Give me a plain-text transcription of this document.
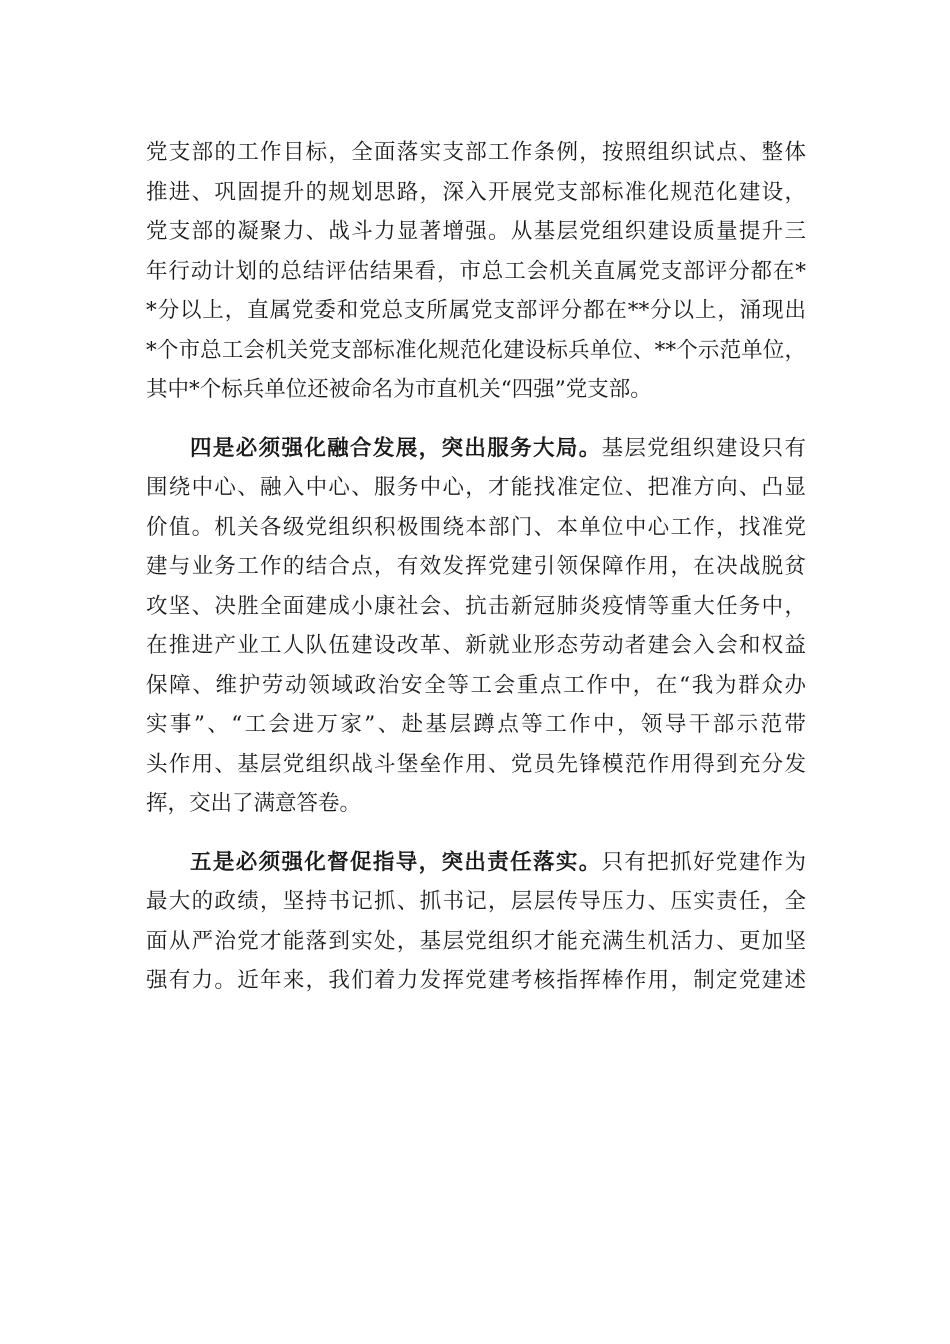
党支部的工作目标，全面落实支部工作条例，按照组织试点、整体
推进、巩固提升的规划思路，深入开展党支部标准化规范化建设，
党支部的凝聚力、战斗力显著增强。从基层党组织建设质量提升三
年行动计划的总结评估结果看，市总工会机关直属党支部评分都在*
*分以上，直属党委和党总支所属党支部评分都在**分以上，涌现出
*个市总工会机关党支部标准化规范化建设标兵单位、**个示范单位，
其中*个标兵单位还被命名为市直机关“四强”党支部。
四是必须强化融合发展，突出服务大局。基层党组织建设只有
围绕中心、融入中心、服务中心，才能找准定位、把准方向、凸显
价值。机关各级党组织积极围绕本部门、本单位中心工作，找准党
建与业务工作的结合点，有效发挥党建引领保障作用，在决战脱贫
攻坚、决胜全面建成小康社会、抗击新冠肺炎疫情等重大任务中，
在推进产业工人队伍建设改革、新就业形态劳动者建会入会和权益
保障、维护劳动领域政治安全等工会重点工作中，在“我为群众办
实事”、“工会进万家”、赴基层蹲点等工作中，领导干部示范带
头作用、基层党组织战斗堡垒作用、党员先锋模范作用得到充分发
挥，交出了满意答卷。
五是必须强化督促指导，突出责任落实。只有把抓好党建作为
最大的政绩，坚持书记抓、抓书记，层层传导压力、压实责任，全
面从严治党才能落到实处，基层党组织才能充满生机活力、更加坚
强有力。近年来，我们着力发挥党建考核指挥棒作用，制定党建述
